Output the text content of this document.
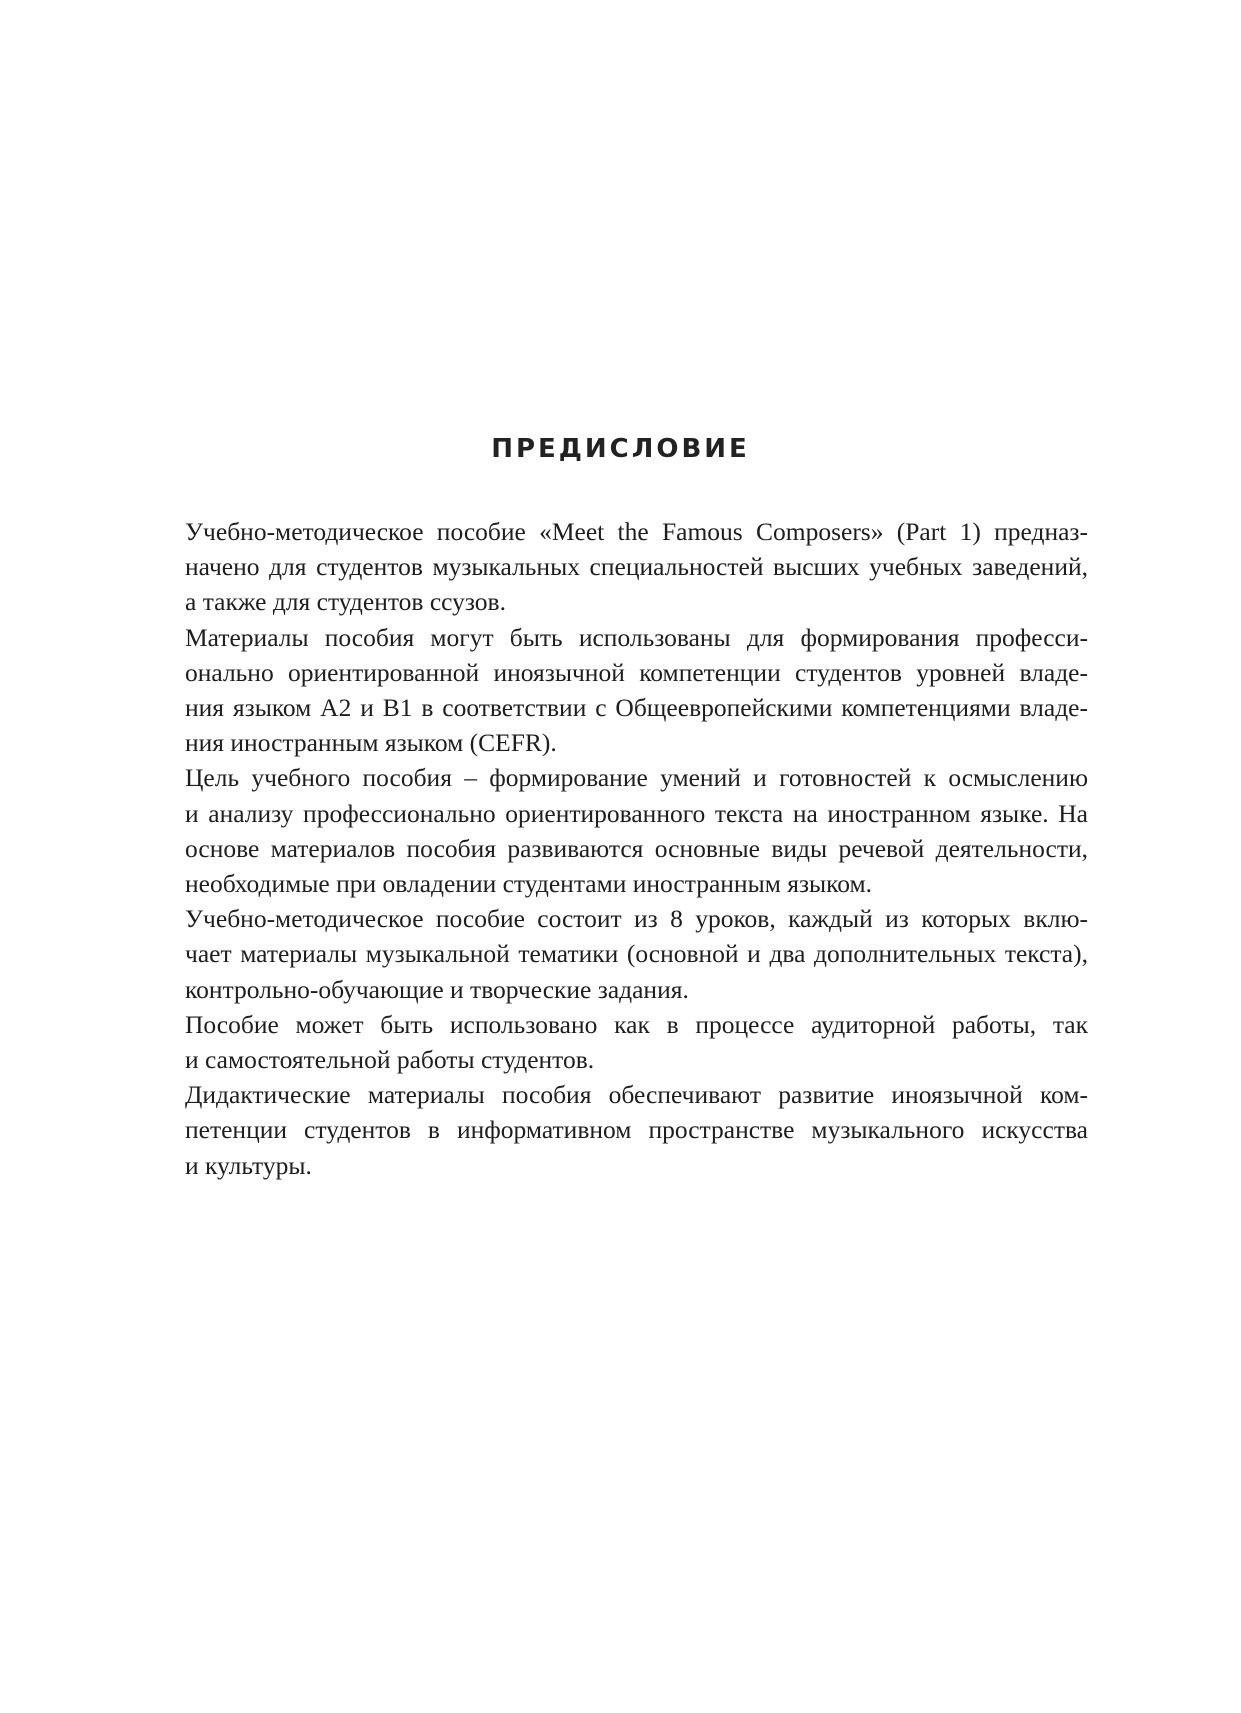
ПРЕДИСЛОВИЕ

Учебно-методическое пособие «Meet the Famous Composers» (Part 1) предназ-
начено для студентов музыкальных специальностей высших учебных заведений,
а также для студентов ссузов.

Материалы пособия могут быть использованы для формирования професси-
онально ориентированной иноязычной компетенции студентов уровней владе-
ния языком А2 и В1 в соответствии с Общеевропейскими компетенциями владе-
ния иностранным языком (CEFR).

Цель учебного пособия – формирование умений и готовностей к осмыслению
и анализу профессионально ориентированного текста на иностранном языке. На
основе материалов пособия развиваются основные виды речевой деятельности,
необходимые при овладении студентами иностранным языком.

Учебно-методическое пособие состоит из 8 уроков, каждый из которых вклю-
чает материалы музыкальной тематики (основной и два дополнительных текста),
контрольно-обучающие и творческие задания.

Пособие может быть использовано как в процессе аудиторной работы, так
и самостоятельной работы студентов.

Дидактические материалы пособия обеспечивают развитие иноязычной ком-
петенции студентов в информативном пространстве музыкального искусства
и культуры.
